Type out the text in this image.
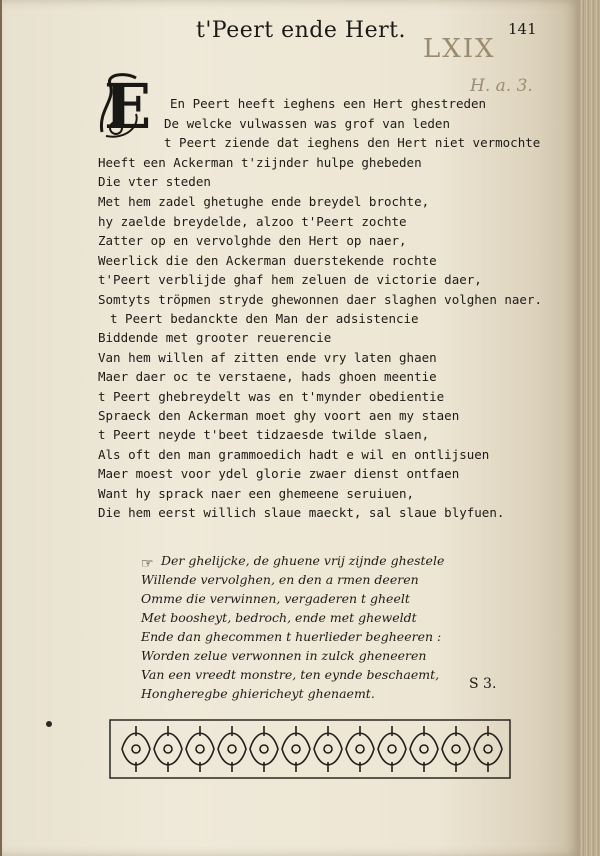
t'Peert ende Hert.	141
LXIX
H. a. 3.
E En Peert heeft ieghens een Hert ghestreden
De welcke vulwassen was grof van leden
t Peert ziende dat ieghens den Hert niet vermochte
Heeft een Ackerman t'zijnder hulpe ghebeden
Die vter steden
Met hem zadel ghetughe ende breydel brochte,
hy zaelde breydelde, alzoo t'Peert zochte
Zatter op en vervolghde den Hert op naer,
Weerlick die den Ackerman duerstekende rochte
t'Peert verblijde ghaf hem zeluen de victorie daer,
Somtyts tröpmen stryde ghewonnen daer slaghen volghen naer.
t Peert bedanckte den Man der adsistencie
Biddende met grooter reuerencie
Van hem willen af zitten ende vry laten ghaen
Maer daer oc te verstaene, hads ghoen meentie
t Peert ghebreydelt was en t'mynder obedientie
Spraeck den Ackerman moet ghy voort aen my staen
t Peert neyde t'beet tidzaesde twilde slaen,
Als oft den man grammoedich hadt e wil en ontlijsuen
Maer moest voor ydel glorie zwaer dienst ontfaen
Want hy sprack naer een ghemeene seruiuen,
Die hem eerst willich slaue maeckt, sal slaue blyfuen.
Der ghelijcke, de ghuene vrij zijnde ghestele
Willende vervolghen, en den a rmen deeren
Omme die verwinnen, vergaderen t gheelt
Met boosheyt, bedroch, ende met gheweldt
Ende dan ghecommen t huerlieder begheeren :
Worden zelue verwonnen in zulck gheneeren
Van een vreedt monstre, ten eynde beschaemt,
Hongheregbe ghiericheyt ghenaemt.
☞
S 3.
